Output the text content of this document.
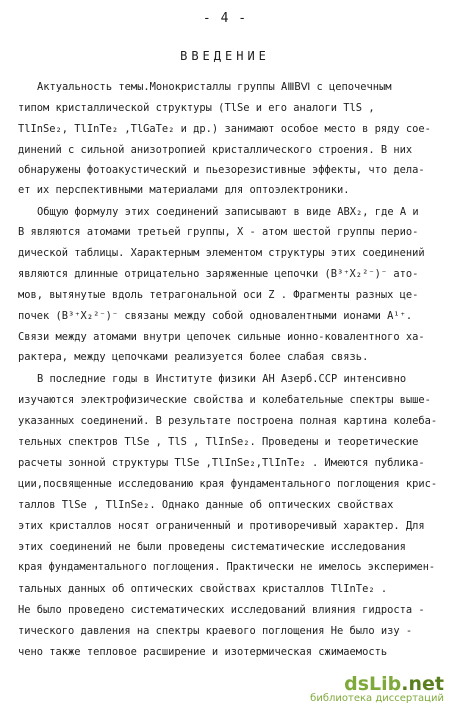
- 4 -
ВВЕДЕНИЕ
Актуальность темы.Монокристаллы группы АⅢВⅥ с цепочечным
типом кристаллической структуры (TlSe и его аналоги TlS ,
TlInSe₂, TlInTe₂ ,TlGaTe₂ и др.) занимают особое место в ряду сое-
динений с сильной анизотропией кристаллического строения. В них
обнаружены фотоакустический и пьезорезистивные эффекты, что дела-
ет их перспективными материалами для оптоэлектроники.
Общую формулу этих соединений записывают в виде АВХ₂, где А и
В являются атомами третьей группы, Х - атом шестой группы перио-
дической таблицы. Характерным элементом структуры этих соединений
являются длинные отрицательно заряженные цепочки (В³⁺Х₂²⁻)⁻ ато-
мов, вытянутые вдоль тетрагональной оси Z . Фрагменты разных це-
почек (В³⁺Х₂²⁻)⁻ связаны между собой одновалентными ионами А¹⁺.
Связи между атомами внутри цепочек сильные ионно-ковалентного ха-
рактера, между цепочками реализуется более слабая связь.
В последние годы в Институте физики АН Азерб.ССР интенсивно
изучаются электрофизические свойства и колебательные спектры выше-
указанных соединений. В результате построена полная картина колеба-
тельных спектров TlSe , TlS , TlInSe₂. Проведены и теоретические
расчеты зонной структуры TlSe ,TlInSe₂,TlInTe₂ . Имеются публика-
ции,посвященные исследованию края фундаментального поглощения крис-
таллов TlSe , TlInSe₂. Однако данные об оптических свойствах
этих кристаллов носят ограниченный и противоречивый характер. Для
этих соединений не были проведены систематические исследования
края фундаментального поглощения. Практически не имелось эксперимен-
тальных данных об оптических свойствах кристаллов TlInTe₂ .
Не было проведено систематических исследований влияния гидроста -
тического давления на спектры краевого поглощения Не было изу -
чено также тепловое расширение и изотермическая сжимаемость
dsLib.net
библиотека диссертаций
